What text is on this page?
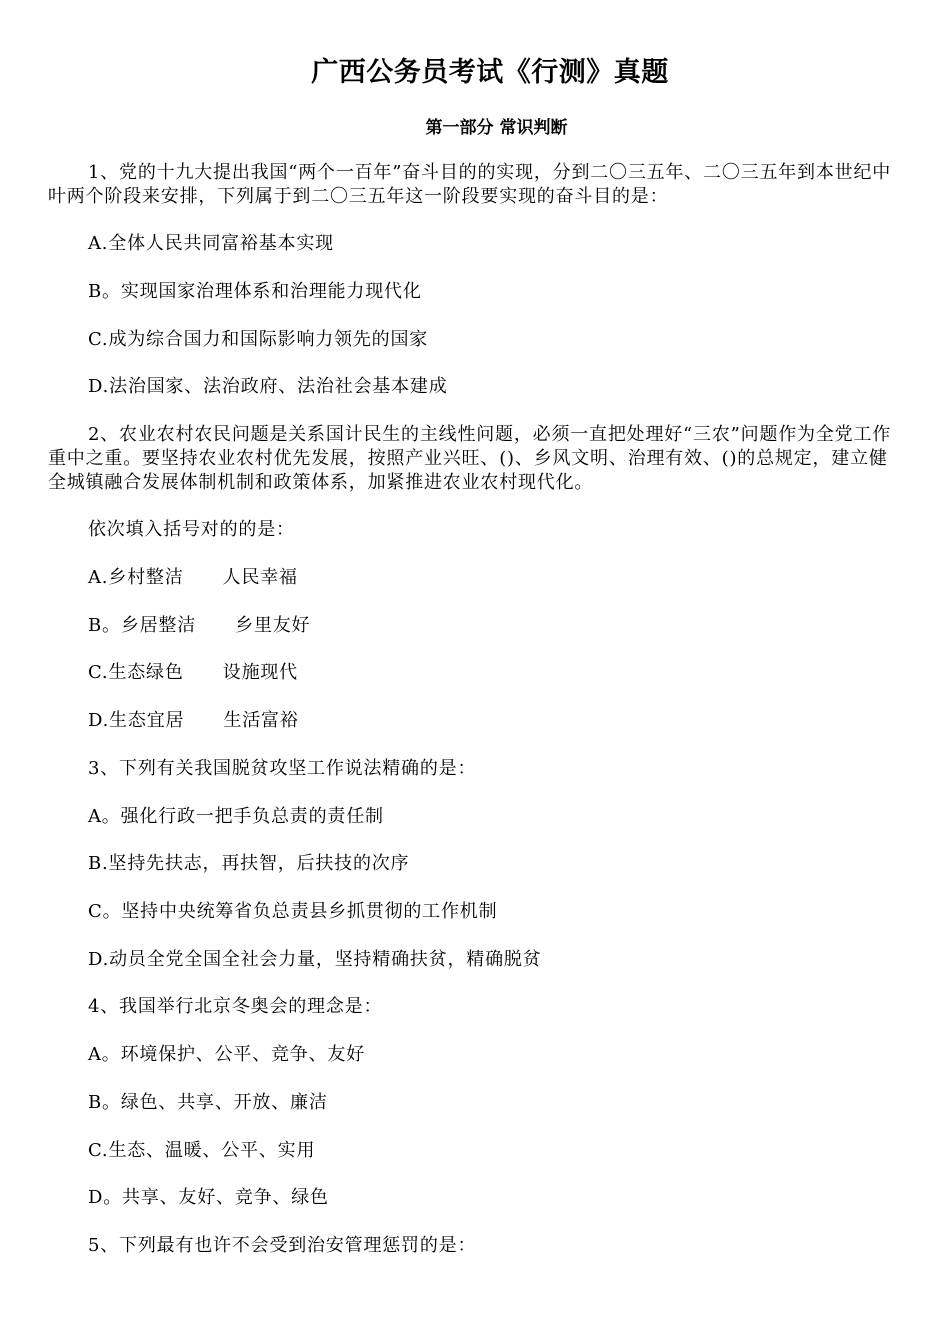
广西公务员考试《行测》真题
第一部分 常识判断
1、党的十九大提出我国“两个一百年”奋斗目的的实现，分到二〇三五年、二〇三五年到本世纪中叶两个阶段来安排，下列属于到二〇三五年这一阶段要实现的奋斗目的是：
A.全体人民共同富裕基本实现
B。实现国家治理体系和治理能力现代化
C.成为综合国力和国际影响力领先的国家
D.法治国家、法治政府、法治社会基本建成
2、农业农村农民问题是关系国计民生的主线性问题，必须一直把处理好“三农”问题作为全党工作重中之重。要坚持农业农村优先发展，按照产业兴旺、()、乡风文明、治理有效、()的总规定，建立健全城镇融合发展体制机制和政策体系，加紧推进农业农村现代化。
依次填入括号对的的是：
A.乡村整洁      人民幸福
B。乡居整洁      乡里友好
C.生态绿色      设施现代
D.生态宜居      生活富裕
3、下列有关我国脱贫攻坚工作说法精确的是：
A。强化行政一把手负总责的责任制
B.坚持先扶志，再扶智，后扶技的次序
C。坚持中央统筹省负总责县乡抓贯彻的工作机制
D.动员全党全国全社会力量，坚持精确扶贫，精确脱贫
4、我国举行北京冬奥会的理念是：
A。环境保护、公平、竞争、友好
B。绿色、共享、开放、廉洁
C.生态、温暖、公平、实用
D。共享、友好、竞争、绿色
5、下列最有也许不会受到治安管理惩罚的是：
